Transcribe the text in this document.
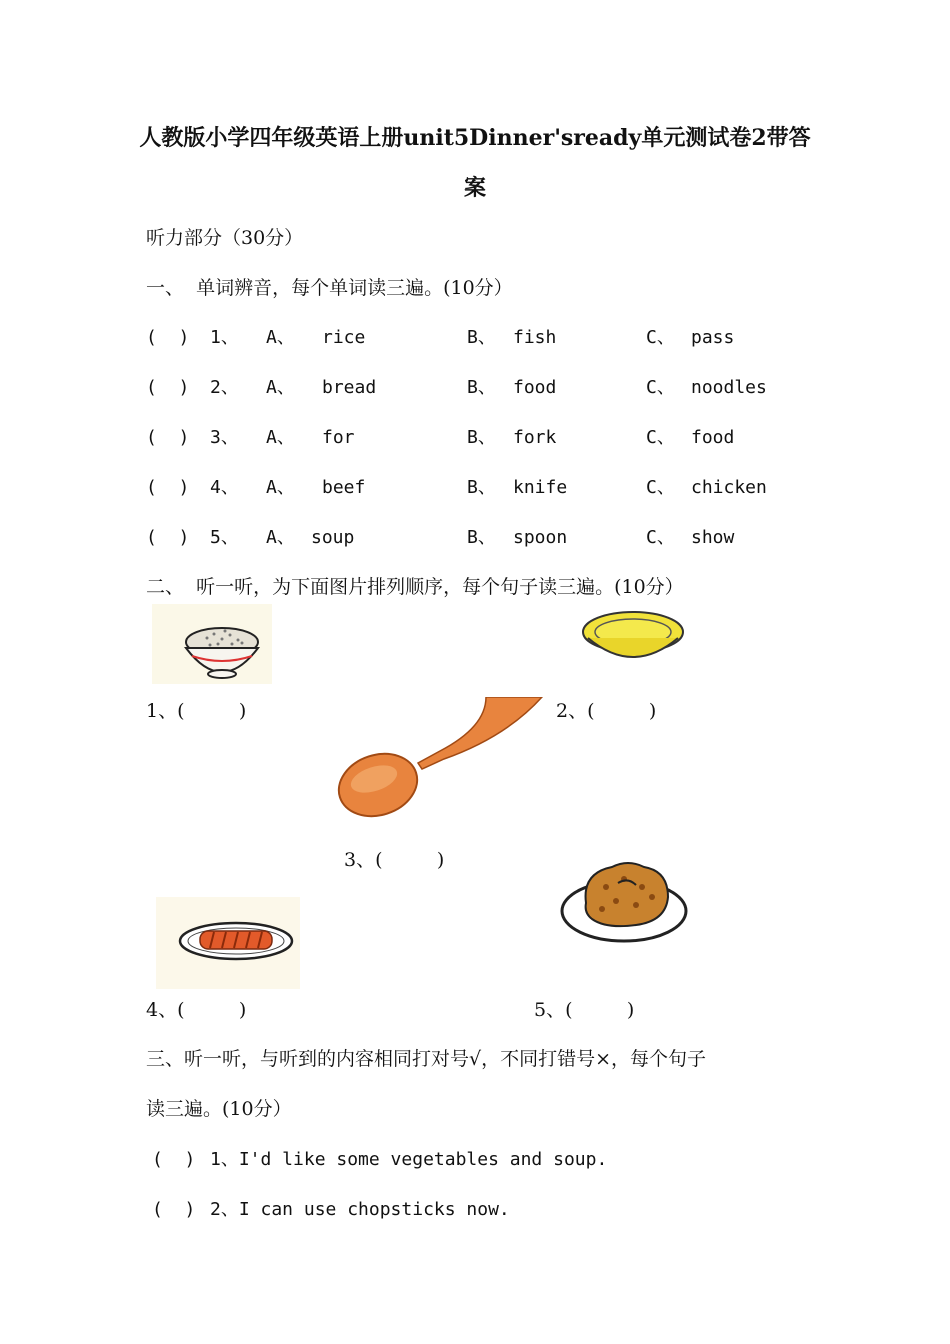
人教版小学四年级英语上册unit5Dinner'sready单元测试卷2带答
案
听力部分（30分）
一、  单词辨音，每个单词读三遍。(10分）
(  ) 1、 A、 rice	B、 fish	C、 pass
(  ) 2、 A、 bread	B、 food	C、 noodles
(  ) 3、 A、 for	B、 fork	C、 food
(  ) 4、 A、 beef	B、 knife	C、 chicken
(  ) 5、 A、 soup	B、 spoon	C、 show
二、  听一听，为下面图片排列顺序，每个句子读三遍。(10分）
1、(         )	2、(         )
3、(         )
4、(         )	5、(         )
三、听一听，与听到的内容相同打对号√，不同打错号×，每个句子
读三遍。(10分）
(  ) 1、I'd like some vegetables and soup.
(  ) 2、I can use chopsticks now.
